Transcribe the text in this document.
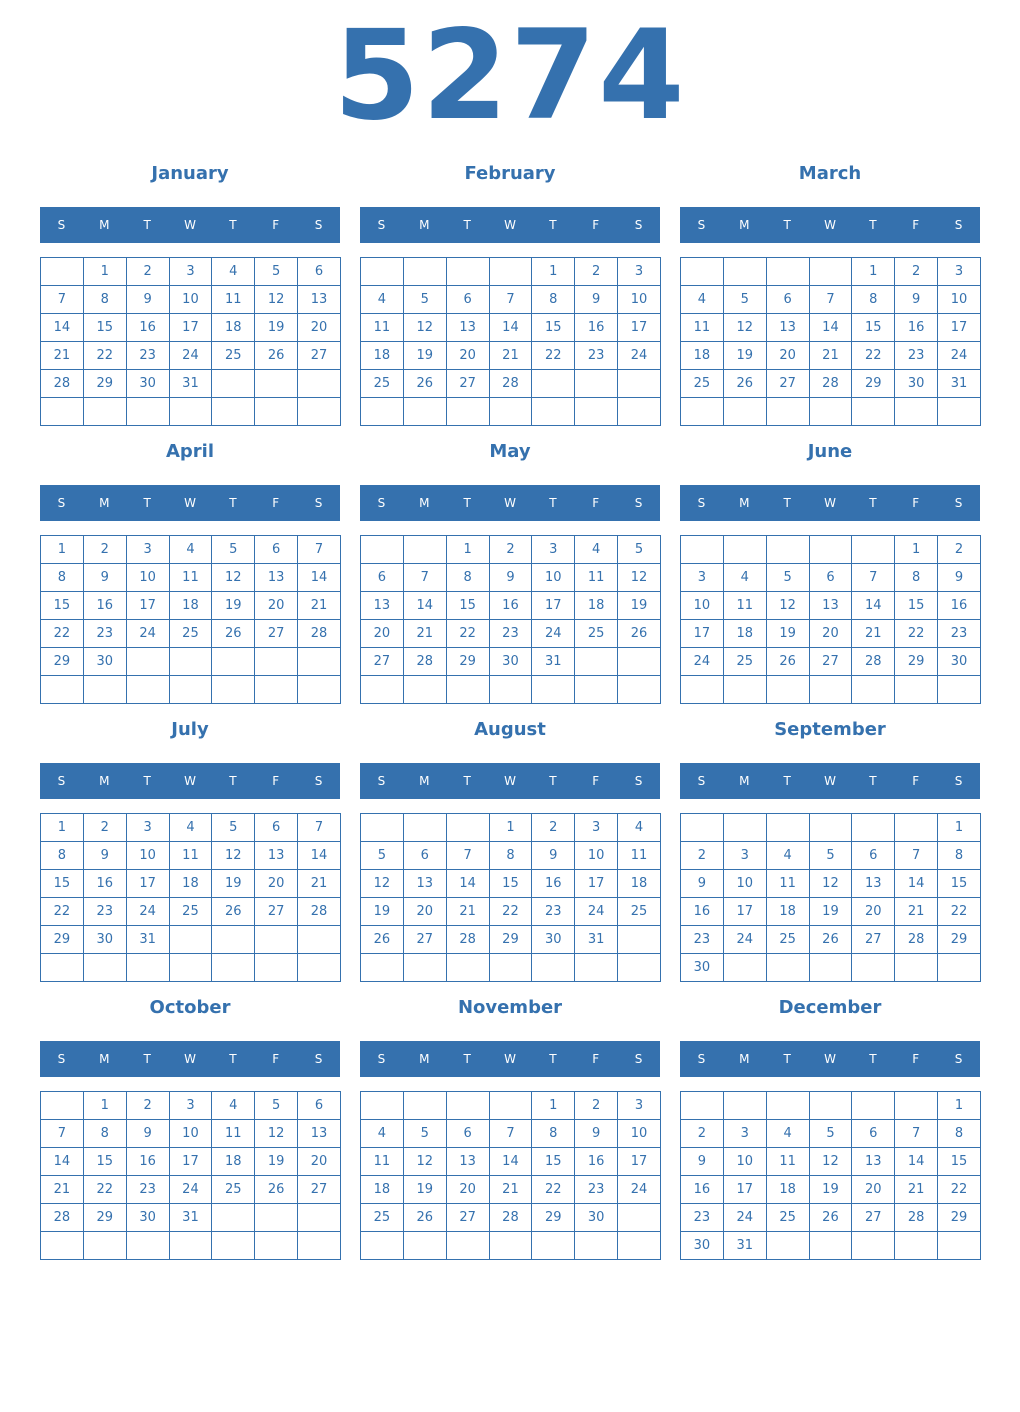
5274
January
S	M	T	W	T	F	S
	1	2	3	4	5	6
7	8	9	10	11	12	13
14	15	16	17	18	19	20
21	22	23	24	25	26	27
28	29	30	31			

February
S	M	T	W	T	F	S
				1	2	3
4	5	6	7	8	9	10
11	12	13	14	15	16	17
18	19	20	21	22	23	24
25	26	27	28			

March
S	M	T	W	T	F	S
				1	2	3
4	5	6	7	8	9	10
11	12	13	14	15	16	17
18	19	20	21	22	23	24
25	26	27	28	29	30	31

April
S	M	T	W	T	F	S
1	2	3	4	5	6	7
8	9	10	11	12	13	14
15	16	17	18	19	20	21
22	23	24	25	26	27	28
29	30					

May
S	M	T	W	T	F	S
		1	2	3	4	5
6	7	8	9	10	11	12
13	14	15	16	17	18	19
20	21	22	23	24	25	26
27	28	29	30	31		

June
S	M	T	W	T	F	S
					1	2
3	4	5	6	7	8	9
10	11	12	13	14	15	16
17	18	19	20	21	22	23
24	25	26	27	28	29	30

July
S	M	T	W	T	F	S
1	2	3	4	5	6	7
8	9	10	11	12	13	14
15	16	17	18	19	20	21
22	23	24	25	26	27	28
29	30	31				

August
S	M	T	W	T	F	S
			1	2	3	4
5	6	7	8	9	10	11
12	13	14	15	16	17	18
19	20	21	22	23	24	25
26	27	28	29	30	31	

September
S	M	T	W	T	F	S
						1
2	3	4	5	6	7	8
9	10	11	12	13	14	15
16	17	18	19	20	21	22
23	24	25	26	27	28	29
30						
October
S	M	T	W	T	F	S
	1	2	3	4	5	6
7	8	9	10	11	12	13
14	15	16	17	18	19	20
21	22	23	24	25	26	27
28	29	30	31			

November
S	M	T	W	T	F	S
				1	2	3
4	5	6	7	8	9	10
11	12	13	14	15	16	17
18	19	20	21	22	23	24
25	26	27	28	29	30	

December
S	M	T	W	T	F	S
						1
2	3	4	5	6	7	8
9	10	11	12	13	14	15
16	17	18	19	20	21	22
23	24	25	26	27	28	29
30	31					
